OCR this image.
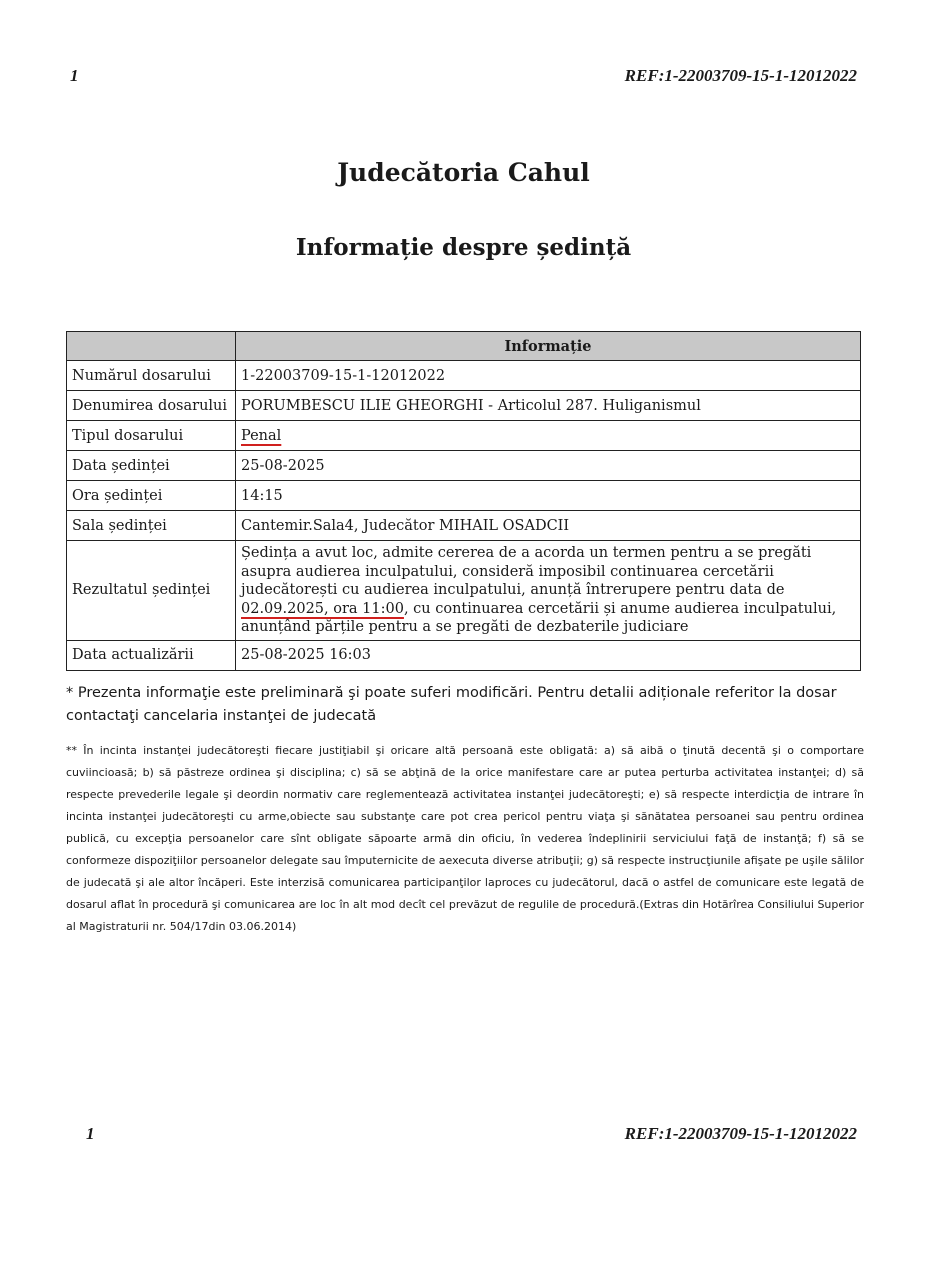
1	REF:1-22003709-15-1-12012022
Judecătoria Cahul
Informație despre ședință
	Informație
Numărul dosarului	1-22003709-15-1-12012022
Denumirea dosarului	PORUMBESCU ILIE GHEORGHI - Articolul 287. Huliganismul
Tipul dosarului	Penal
Data ședinței	25-08-2025
Ora ședinței	14:15
Sala ședinței	Cantemir.Sala4, Judecător MIHAIL OSADCII
Rezultatul ședinței	Ședința a avut loc, admite cererea de a acorda un termen pentru a se pregăti asupra audierea inculpatului, consideră imposibil continuarea cercetării judecătorești cu audierea inculpatului, anunță întrerupere pentru data de 02.09.2025, ora 11:00, cu continuarea cercetării și anume audierea inculpatului, anunțând părțile pentru a se pregăti de dezbaterile judiciare
Data actualizării	25-08-2025 16:03
* Prezenta informaţie este preliminară şi poate suferi modificări. Pentru detalii adiționale referitor la dosar contactaţi cancelaria instanţei de judecată
** În incinta instanţei judecătoreşti fiecare justiţiabil şi oricare altă persoană este obligată: a) să aibă o ţinută decentă şi o comportare cuviincioasă; b) să păstreze ordinea şi disciplina; c) să se abţină de la orice manifestare care ar putea perturba activitatea instanţei; d) să respecte prevederile legale şi deordin normativ care reglementează activitatea instanţei judecătoreşti; e) să respecte interdicţia de intrare în incinta instanţei judecătoreşti cu arme,obiecte sau substanţe care pot crea pericol pentru viaţa şi sănătatea persoanei sau pentru ordinea publică, cu excepţia persoanelor care sînt obligate săpoarte armă din oficiu, în vederea îndeplinirii serviciului faţă de instanţă; f) să se conformeze dispoziţiilor persoanelor delegate sau împuternicite de aexecuta diverse atribuţii; g) să respecte instrucţiunile afişate pe uşile sălilor de judecată şi ale altor încăperi. Este interzisă comunicarea participanţilor laproces cu judecătorul, dacă o astfel de comunicare este legată de dosarul aflat în procedură şi comunicarea are loc în alt mod decît cel prevăzut de regulile de procedură.(Extras din Hotărîrea Consiliului Superior al Magistraturii nr. 504/17din 03.06.2014)
1	REF:1-22003709-15-1-12012022
